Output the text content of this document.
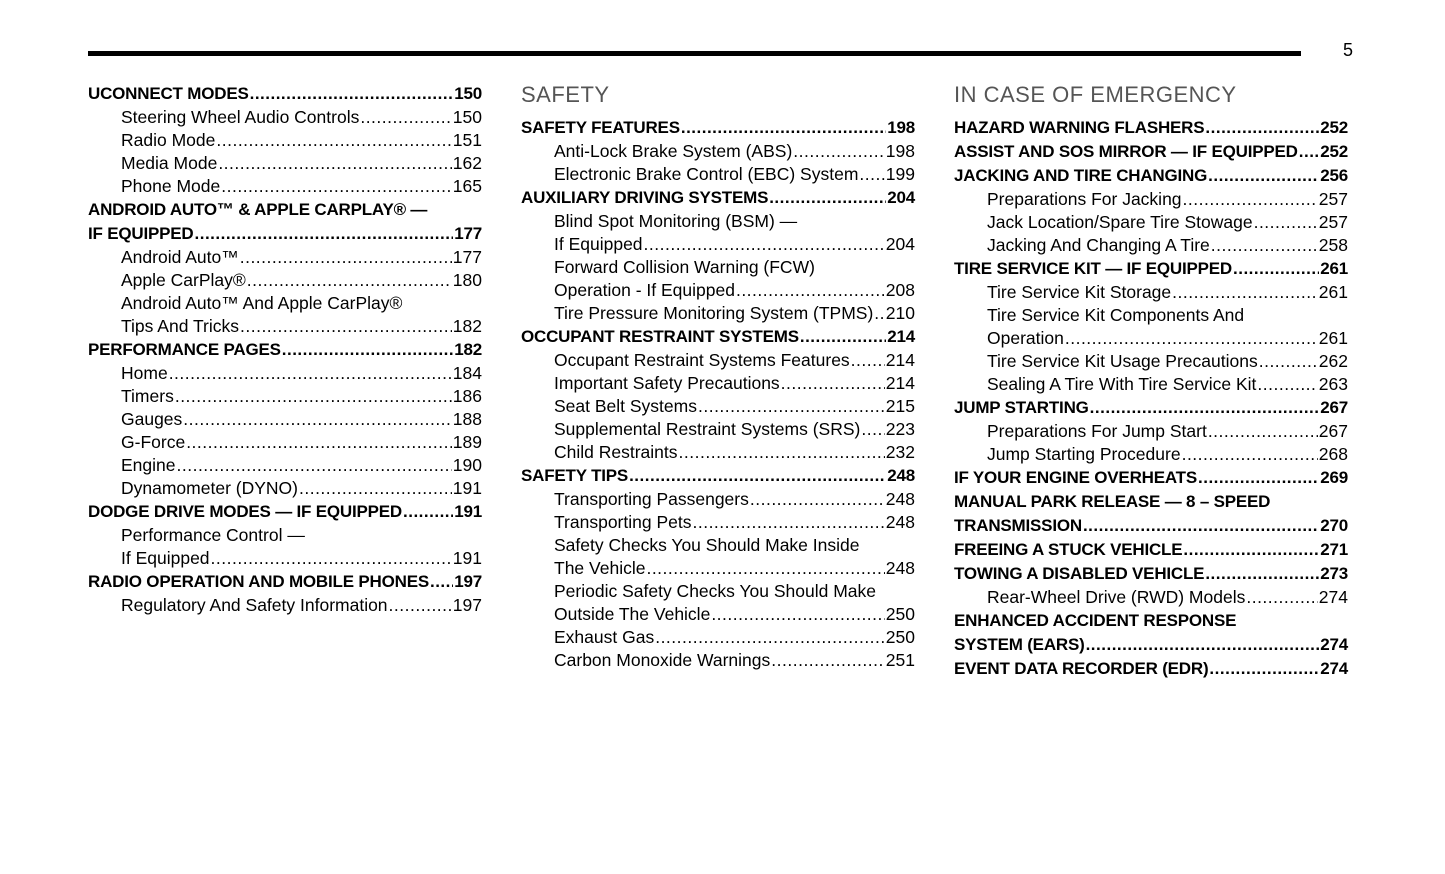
5
UCONNECT MODES .....	150
Steering Wheel Audio Controls .....	150
Radio Mode .....	151
Media Mode .....	162
Phone Mode .....	165
ANDROID AUTO™ & APPLE CARPLAY® —
IF EQUIPPED .....	177
Android Auto™ .....	177
Apple CarPlay® .....	180
Android Auto™ And Apple CarPlay®
Tips And Tricks .....	182
PERFORMANCE PAGES .....	182
Home .....	184
Timers .....	186
Gauges .....	188
G-Force .....	189
Engine .....	190
Dynamometer (DYNO) .....	191
DODGE DRIVE MODES — IF EQUIPPED .....	191
Performance Control —
If Equipped .....	191
RADIO OPERATION AND MOBILE PHONES ..... 197
Regulatory And Safety Information .....	197
SAFETY
SAFETY FEATURES .....	198
Anti-Lock Brake System (ABS) .....	198
Electronic Brake Control (EBC) System ..... 199
AUXILIARY DRIVING SYSTEMS .....	204
Blind Spot Monitoring (BSM) —
If Equipped .....	204
Forward Collision Warning (FCW)
Operation - If Equipped .....	208
Tire Pressure Monitoring System (TPMS) ..... 210
OCCUPANT RESTRAINT SYSTEMS .....	214
Occupant Restraint Systems Features ..... 214
Important Safety Precautions .....	214
Seat Belt Systems .....	215
Supplemental Restraint Systems (SRS) ..... 223
Child Restraints .....	232
SAFETY TIPS .....	248
Transporting Passengers .....	248
Transporting Pets .....	248
Safety Checks You Should Make Inside
The Vehicle .....	248
Periodic Safety Checks You Should Make
Outside The Vehicle .....	250
Exhaust Gas .....	250
Carbon Monoxide Warnings .....	251
IN CASE OF EMERGENCY
HAZARD WARNING FLASHERS .....	252
ASSIST AND SOS MIRROR — IF EQUIPPED ..... 252
JACKING AND TIRE CHANGING .....	256
Preparations For Jacking .....	257
Jack Location/Spare Tire Stowage .....	257
Jacking And Changing A Tire .....	258
TIRE SERVICE KIT — IF EQUIPPED .....	261
Tire Service Kit Storage .....	261
Tire Service Kit Components And
Operation .....	261
Tire Service Kit Usage Precautions .....	262
Sealing A Tire With Tire Service Kit .....	263
JUMP STARTING .....	267
Preparations For Jump Start .....	267
Jump Starting Procedure .....	268
IF YOUR ENGINE OVERHEATS .....	269
MANUAL PARK RELEASE — 8 – SPEED
TRANSMISSION .....	270
FREEING A STUCK VEHICLE .....	271
TOWING A DISABLED VEHICLE .....	273
Rear-Wheel Drive (RWD) Models .....	274
ENHANCED ACCIDENT RESPONSE
SYSTEM (EARS) .....	274
EVENT DATA RECORDER (EDR) .....	274
